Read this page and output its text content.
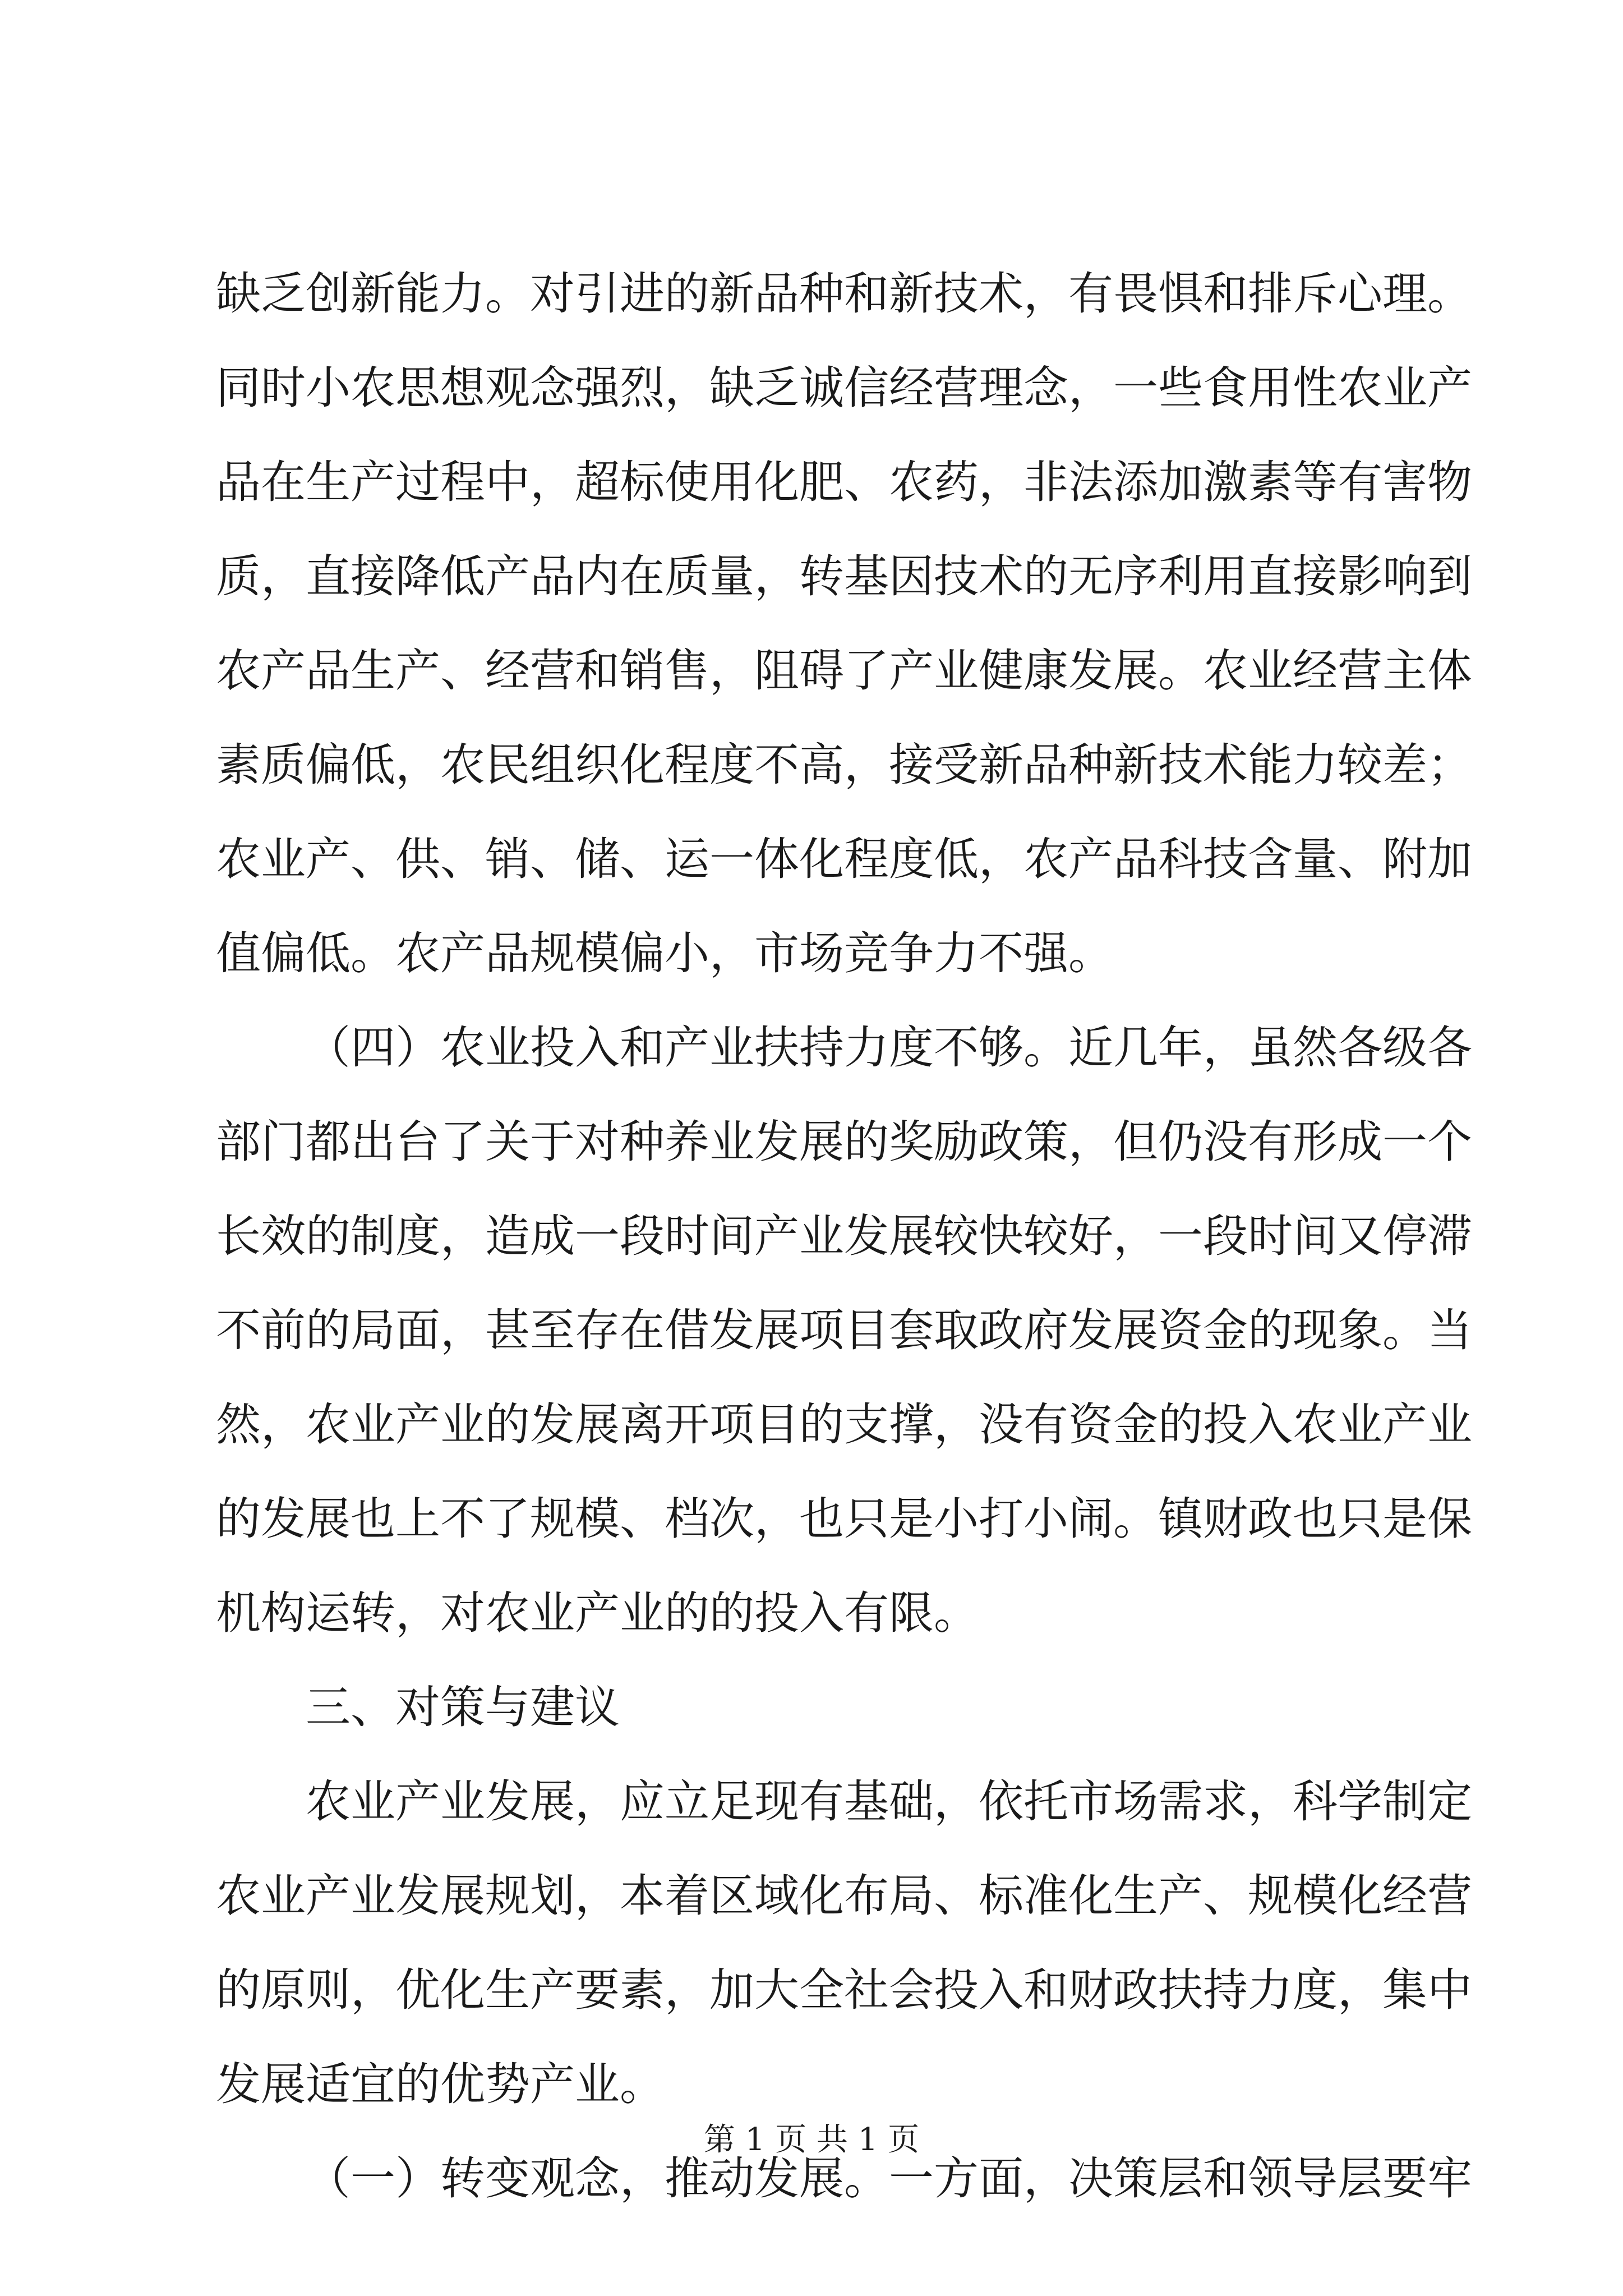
缺乏创新能力。对引进的新品种和新技术，有畏惧和排斥心理。
同时小农思想观念强烈，缺乏诚信经营理念，一些食用性农业产
品在生产过程中，超标使用化肥、农药，非法添加激素等有害物
质，直接降低产品内在质量，转基因技术的无序利用直接影响到
农产品生产、经营和销售，阻碍了产业健康发展。农业经营主体
素质偏低，农民组织化程度不高，接受新品种新技术能力较差；
农业产、供、销、储、运一体化程度低，农产品科技含量、附加
值偏低。农产品规模偏小，市场竞争力不强。
（四）农业投入和产业扶持力度不够。近几年，虽然各级各
部门都出台了关于对种养业发展的奖励政策，但仍没有形成一个
长效的制度，造成一段时间产业发展较快较好，一段时间又停滞
不前的局面，甚至存在借发展项目套取政府发展资金的现象。当
然，农业产业的发展离开项目的支撑，没有资金的投入农业产业
的发展也上不了规模、档次，也只是小打小闹。镇财政也只是保
机构运转，对农业产业的的投入有限。
三、对策与建议
农业产业发展，应立足现有基础，依托市场需求，科学制定
农业产业发展规划，本着区域化布局、标准化生产、规模化经营
的原则，优化生产要素，加大全社会投入和财政扶持力度，集中
发展适宜的优势产业。
（一）转变观念，推动发展。一方面，决策层和领导层要牢
第 1 页 共 1 页
